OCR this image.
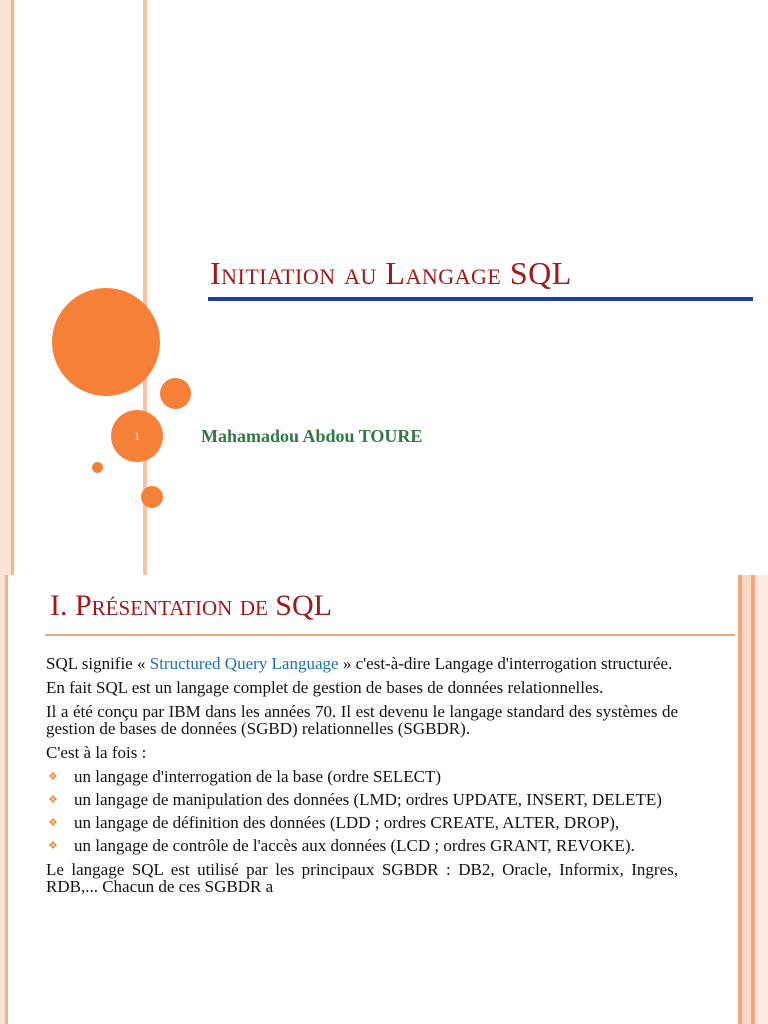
1
Initiation au Langage SQL
Mahamadou Abdou TOURE
I. Présentation de SQL

SQL signifie « Structured Query Language » c'est-à-dire Langage d'interrogation structurée.

En fait SQL est un langage complet de gestion de bases de données relationnelles.

Il a été conçu par IBM dans les années 70. Il est devenu le langage standard des systèmes de gestion de bases de données (SGBD) relationnelles (SGBDR).

C'est à la fois :

❖ un langage d'interrogation de la base (ordre SELECT)
❖ un langage de manipulation des données (LMD; ordres UPDATE, INSERT, DELETE)
❖ un langage de définition des données (LDD ; ordres CREATE, ALTER, DROP),
❖ un langage de contrôle de l'accès aux données (LCD ; ordres GRANT, REVOKE).

Le langage SQL est utilisé par les principaux SGBDR : DB2, Oracle, Informix, Ingres, RDB,... Chacun de ces SGBDR a
